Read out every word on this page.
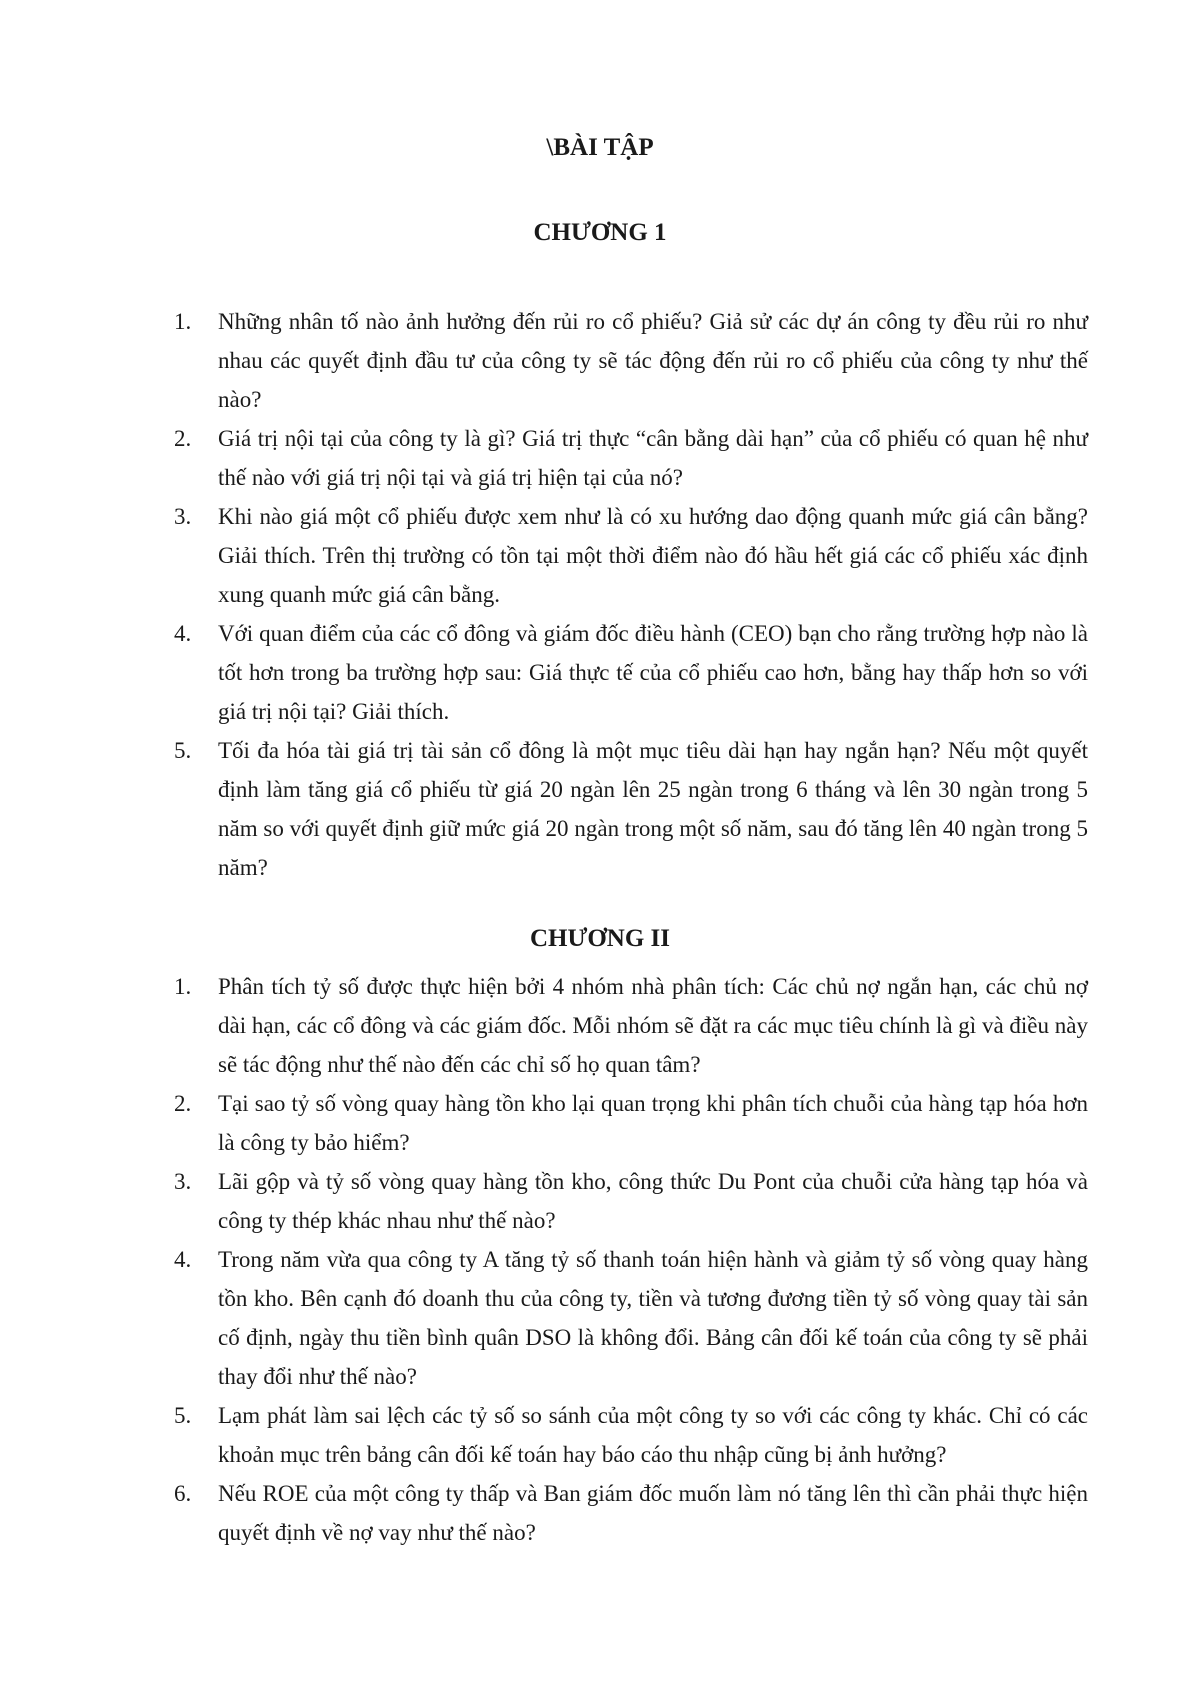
\BÀI TẬP
CHƯƠNG 1
1.	Những nhân tố nào ảnh hưởng đến rủi ro cổ phiếu? Giả sử các dự án công ty đều rủi ro như nhau các quyết định đầu tư của công ty sẽ tác động đến rủi ro cổ phiếu của công ty như thế nào?
2.	Giá trị nội tại của công ty là gì? Giá trị thực “cân bằng dài hạn” của cổ phiếu có quan hệ như thế nào với giá trị nội tại và giá trị hiện tại của nó?
3.	Khi nào giá một cổ phiếu được xem như là có xu hướng dao động quanh mức giá cân bằng? Giải thích. Trên thị trường có tồn tại một thời điểm nào đó hầu hết giá các cổ phiếu xác định xung quanh mức giá cân bằng.
4.	Với quan điểm của các cổ đông và giám đốc điều hành (CEO) bạn cho rằng trường hợp nào là tốt hơn trong ba trường hợp sau: Giá thực tế của cổ phiếu cao hơn, bằng hay thấp hơn so với giá trị nội tại? Giải thích.
5.	Tối đa hóa tài giá trị tài sản cổ đông là một mục tiêu dài hạn hay ngắn hạn? Nếu một quyết định làm tăng giá cổ phiếu từ giá 20 ngàn lên 25 ngàn trong 6 tháng và lên 30 ngàn trong 5 năm so với quyết định giữ mức giá 20 ngàn trong một số năm, sau đó tăng lên 40 ngàn trong 5 năm?
CHƯƠNG II
1.	Phân tích tỷ số được thực hiện bởi 4 nhóm nhà phân tích: Các chủ nợ ngắn hạn, các chủ nợ dài hạn, các cổ đông và các giám đốc. Mỗi nhóm sẽ đặt ra các mục tiêu chính là gì và điều này sẽ tác động như thế nào đến các chỉ số họ quan tâm?
2.	Tại sao tỷ số vòng quay hàng tồn kho lại quan trọng khi phân tích chuỗi của hàng tạp hóa hơn là công ty bảo hiểm?
3.	Lãi gộp và tỷ số vòng quay hàng tồn kho, công thức Du Pont của chuỗi cửa hàng tạp hóa và công ty thép khác nhau như thế nào?
4.	Trong năm vừa qua công ty A tăng tỷ số thanh toán hiện hành và giảm tỷ số vòng quay hàng tồn kho. Bên cạnh đó doanh thu của công ty, tiền và tương đương tiền tỷ số vòng quay tài sản cố định, ngày thu tiền bình quân DSO là không đổi. Bảng cân đối kế toán của công ty sẽ phải thay đổi như thế nào?
5.	Lạm phát làm sai lệch các tỷ số so sánh của một công ty so với các công ty khác. Chỉ có các khoản mục trên bảng cân đối kế toán hay báo cáo thu nhập cũng bị ảnh hưởng?
6.	Nếu ROE của một công ty thấp và Ban giám đốc muốn làm nó tăng lên thì cần phải thực hiện quyết định về nợ vay như thế nào?
